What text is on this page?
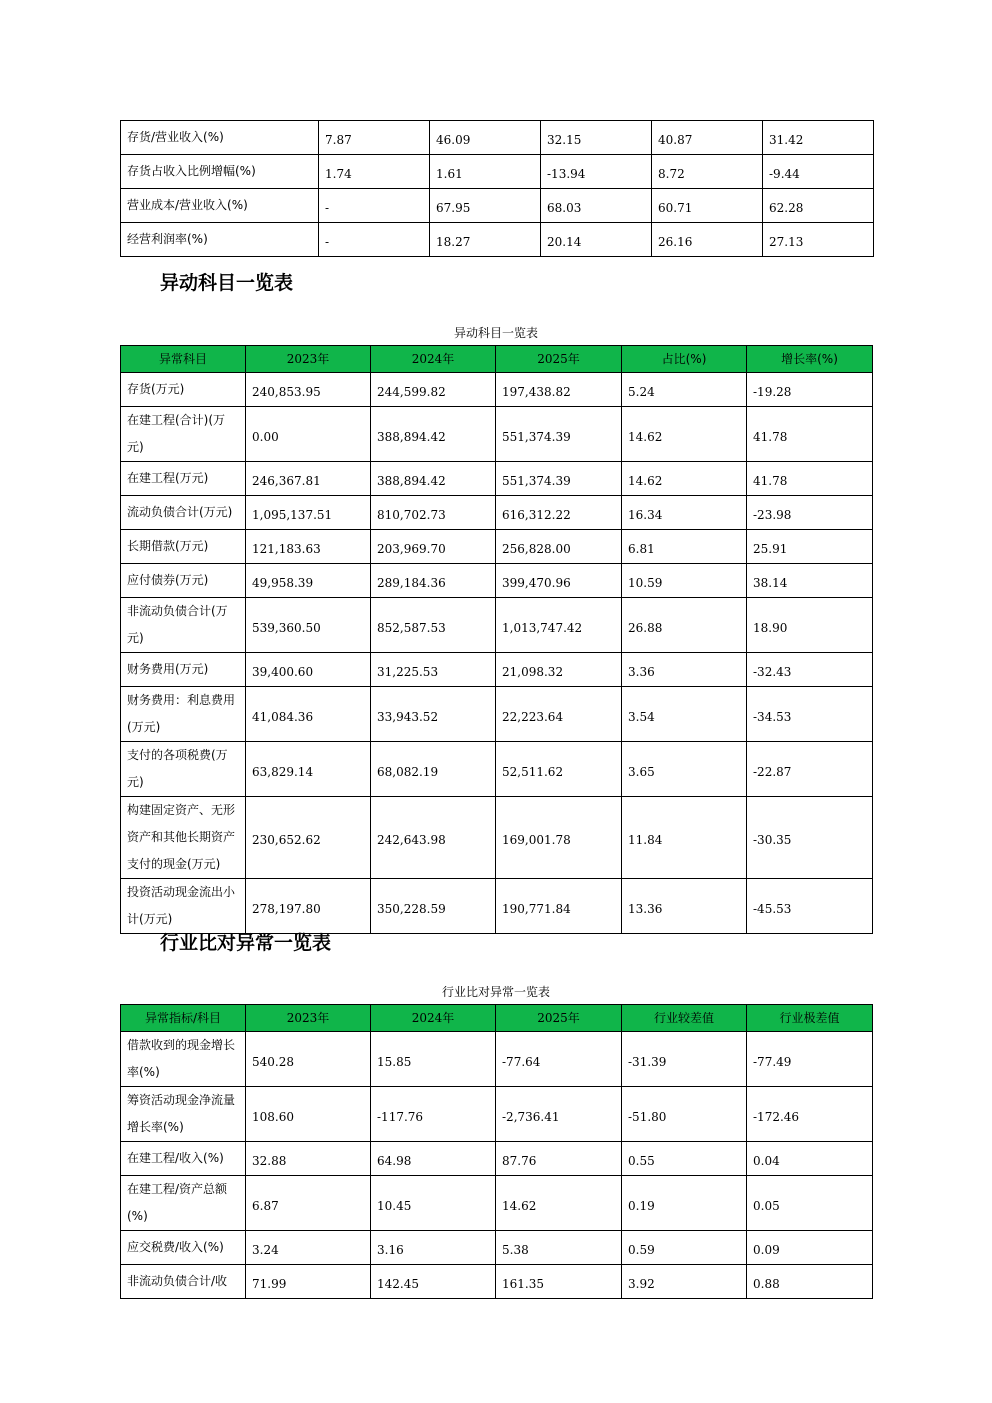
存货/营业收入(%)	7.87	46.09	32.15	40.87	31.42
存货占收入比例增幅(%)	1.74	1.61	-13.94	8.72	-9.44
营业成本/营业收入(%)	-	67.95	68.03	60.71	62.28
经营利润率(%)	-	18.27	20.14	26.16	27.13
异动科目一览表
异动科目一览表
异常科目	2023年	2024年	2025年	占比(%)	增长率(%)
存货(万元)	240,853.95	244,599.82	197,438.82	5.24	-19.28
在建工程(合计)(万元)	0.00	388,894.42	551,374.39	14.62	41.78
在建工程(万元)	246,367.81	388,894.42	551,374.39	14.62	41.78
流动负债合计(万元)	1,095,137.51	810,702.73	616,312.22	16.34	-23.98
长期借款(万元)	121,183.63	203,969.70	256,828.00	6.81	25.91
应付债券(万元)	49,958.39	289,184.36	399,470.96	10.59	38.14
非流动负债合计(万元)	539,360.50	852,587.53	1,013,747.42	26.88	18.90
财务费用(万元)	39,400.60	31,225.53	21,098.32	3.36	-32.43
财务费用：利息费用(万元)	41,084.36	33,943.52	22,223.64	3.54	-34.53
支付的各项税费(万元)	63,829.14	68,082.19	52,511.62	3.65	-22.87
构建固定资产、无形资产和其他长期资产支付的现金(万元)	230,652.62	242,643.98	169,001.78	11.84	-30.35
投资活动现金流出小计(万元)	278,197.80	350,228.59	190,771.84	13.36	-45.53
行业比对异常一览表
行业比对异常一览表
异常指标/科目	2023年	2024年	2025年	行业较差值	行业极差值
借款收到的现金增长率(%)	540.28	15.85	-77.64	-31.39	-77.49
筹资活动现金净流量增长率(%)	108.60	-117.76	-2,736.41	-51.80	-172.46
在建工程/收入(%)	32.88	64.98	87.76	0.55	0.04
在建工程/资产总额(%)	6.87	10.45	14.62	0.19	0.05
应交税费/收入(%)	3.24	3.16	5.38	0.59	0.09
非流动负债合计/收	71.99	142.45	161.35	3.92	0.88
